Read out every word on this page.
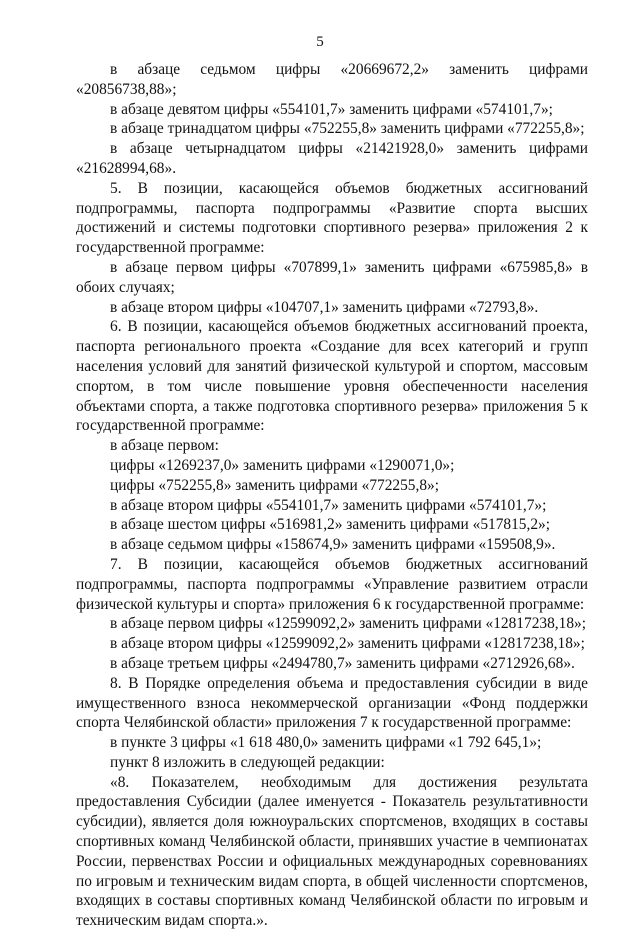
5

в абзаце седьмом цифры «20669672,2» заменить цифрами «20856738,88»;

в абзаце девятом цифры «554101,7» заменить цифрами «574101,7»;

в абзаце тринадцатом цифры «752255,8» заменить цифрами «772255,8»;

в абзаце четырнадцатом цифры «21421928,0» заменить цифрами «21628994,68».

5. В позиции, касающейся объемов бюджетных ассигнований подпрограммы, паспорта подпрограммы «Развитие спорта высших достижений и системы подготовки спортивного резерва» приложения 2 к государственной программе:

в абзаце первом цифры «707899,1» заменить цифрами «675985,8» в обоих случаях;

в абзаце втором цифры «104707,1» заменить цифрами «72793,8».

6. В позиции, касающейся объемов бюджетных ассигнований проекта, паспорта регионального проекта «Создание для всех категорий и групп населения условий для занятий физической культурой и спортом, массовым спортом, в том числе повышение уровня обеспеченности населения объектами спорта, а также подготовка спортивного резерва» приложения 5 к государственной программе:

в абзаце первом:

цифры «1269237,0» заменить цифрами «1290071,0»;

цифры «752255,8» заменить цифрами «772255,8»;

в абзаце втором цифры «554101,7» заменить цифрами «574101,7»;

в абзаце шестом цифры «516981,2» заменить цифрами «517815,2»;

в абзаце седьмом цифры «158674,9» заменить цифрами «159508,9».

7. В позиции, касающейся объемов бюджетных ассигнований подпрограммы, паспорта подпрограммы «Управление развитием отрасли физической культуры и спорта» приложения 6 к государственной программе:

в абзаце первом цифры «12599092,2» заменить цифрами «12817238,18»;

в абзаце втором цифры «12599092,2» заменить цифрами «12817238,18»;

в абзаце третьем цифры «2494780,7» заменить цифрами «2712926,68».

8. В Порядке определения объема и предоставления субсидии в виде имущественного взноса некоммерческой организации «Фонд поддержки спорта Челябинской области» приложения 7 к государственной программе:

в пункте 3 цифры «1 618 480,0» заменить цифрами «1 792 645,1»;

пункт 8 изложить в следующей редакции:

«8. Показателем, необходимым для достижения результата предоставления Субсидии (далее именуется - Показатель результативности субсидии), является доля южноуральских спортсменов, входящих в составы спортивных команд Челябинской области, принявших участие в чемпионатах России, первенствах России и официальных международных соревнованиях по игровым и техническим видам спорта, в общей численности спортсменов, входящих в составы спортивных команд Челябинской области по игровым и техническим видам спорта.».
